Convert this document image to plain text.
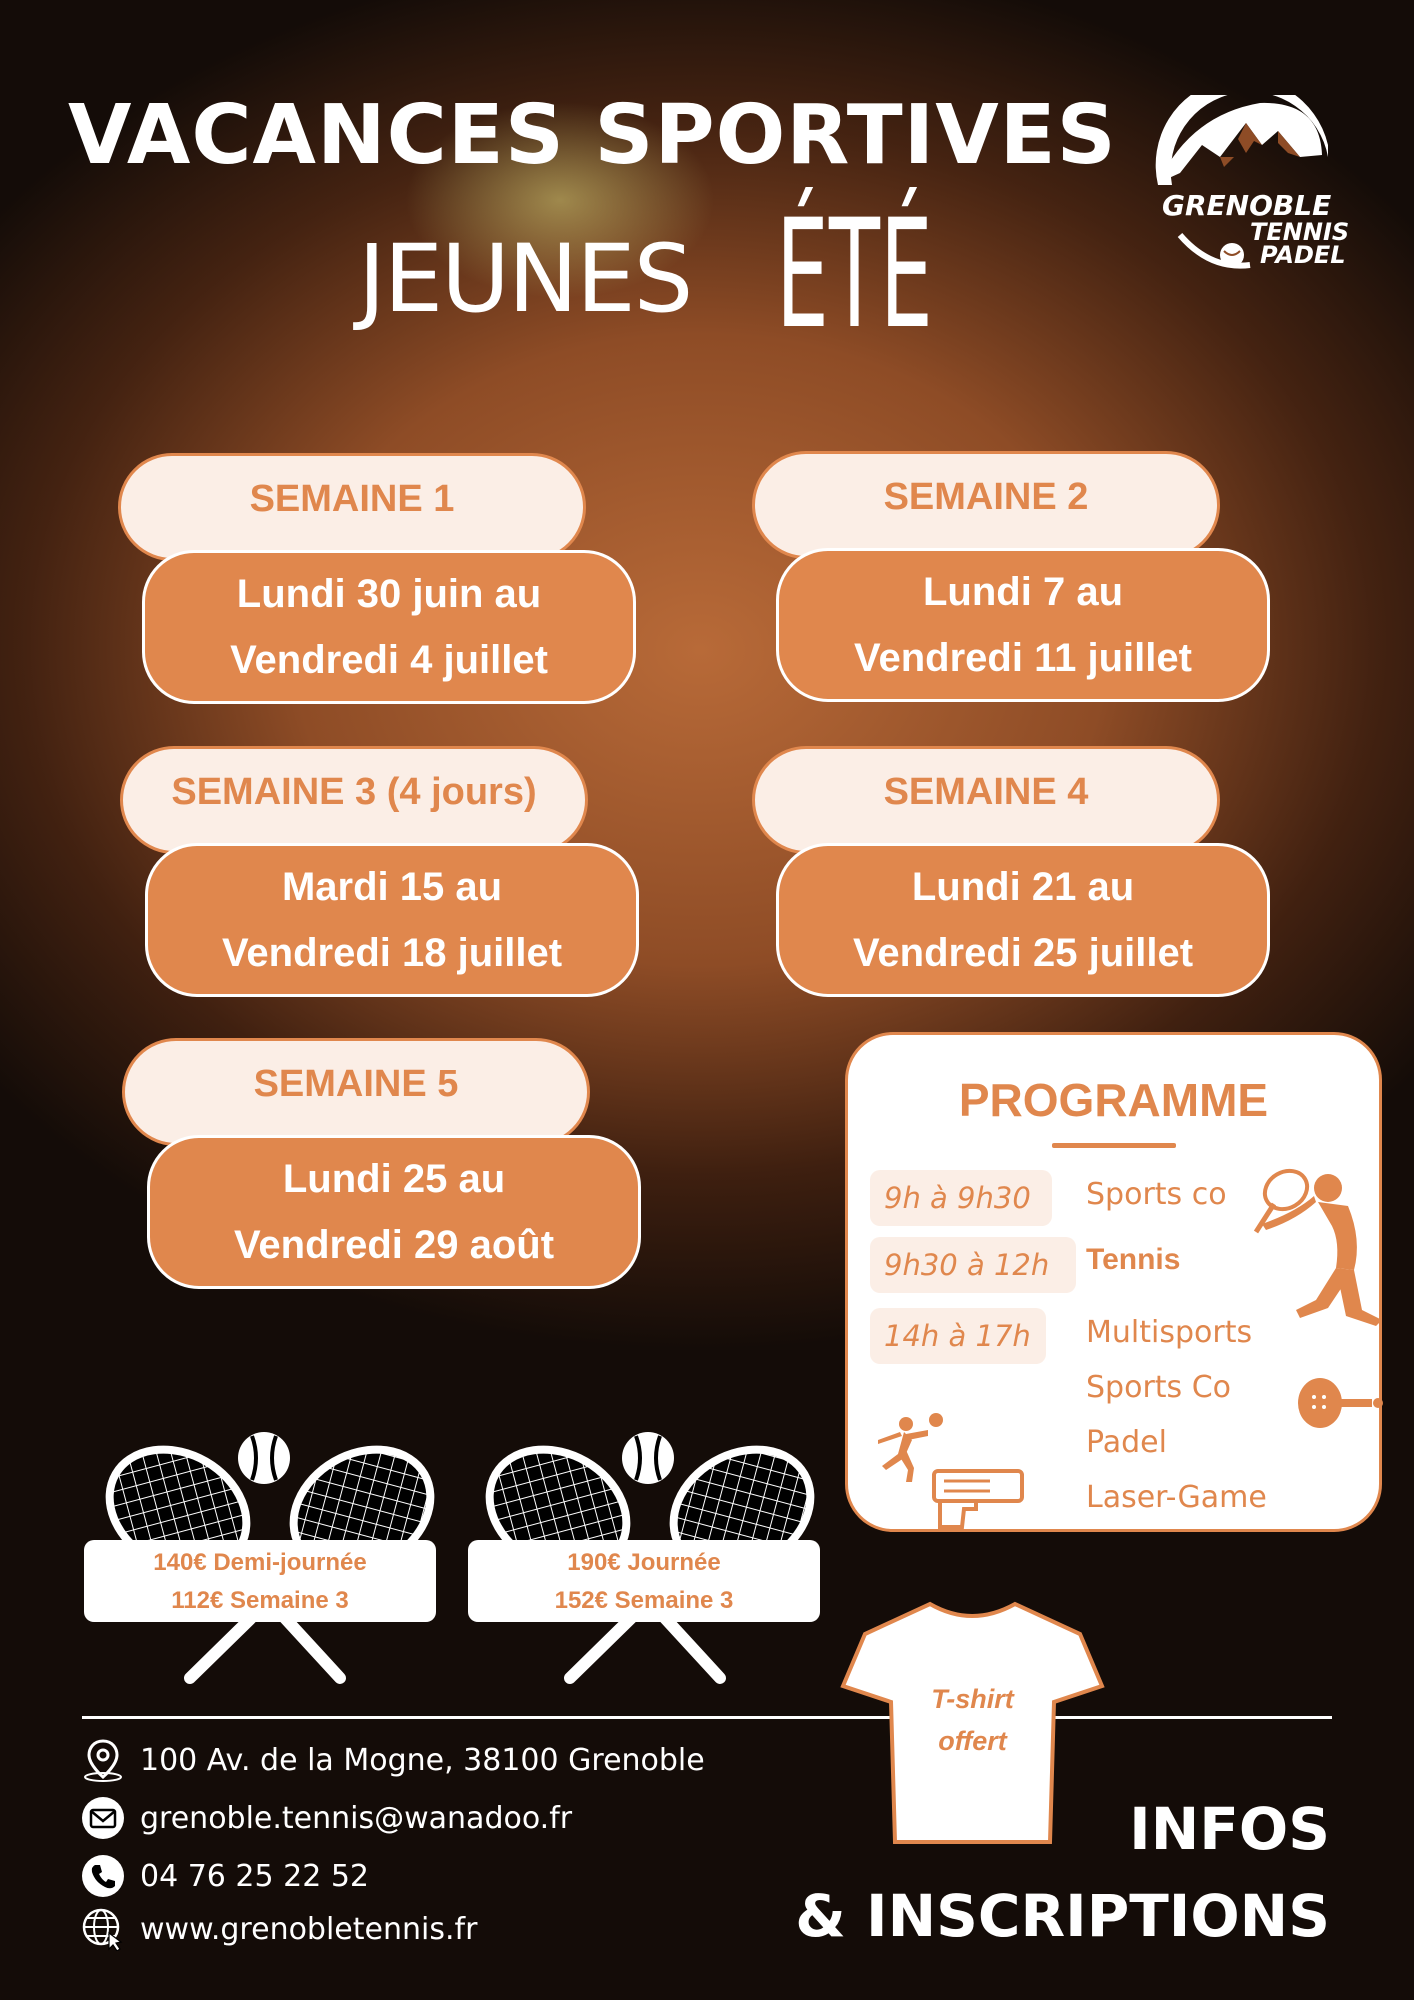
VACANCES SPORTIVES
JEUNES ÉTÉ	GRENOBLE
TENNIS
PADEL
SEMAINE 1
Lundi 30 juin au
Vendredi 4 juillet
SEMAINE 2
Lundi 7 au
Vendredi 11 juillet
SEMAINE 3 (4 jours)
Mardi 15 au
Vendredi 18 juillet
SEMAINE 4
Lundi 21 au
Vendredi 25 juillet
SEMAINE 5
Lundi 25 au
Vendredi 29 août
PROGRAMME
9h à 9h30 Sports co
9h30 à 12h Tennis
14h à 17h Multisports
Sports Co
Padel
Laser-Game
140€ Demi-journée
112€ Semaine 3
190€ Journée
152€ Semaine 3
T-shirt
offert
100 Av. de la Mogne, 38100 Grenoble
grenoble.tennis@wanadoo.fr
04 76 25 22 52
www.grenobletennis.fr
INFOS
& INSCRIPTIONS
